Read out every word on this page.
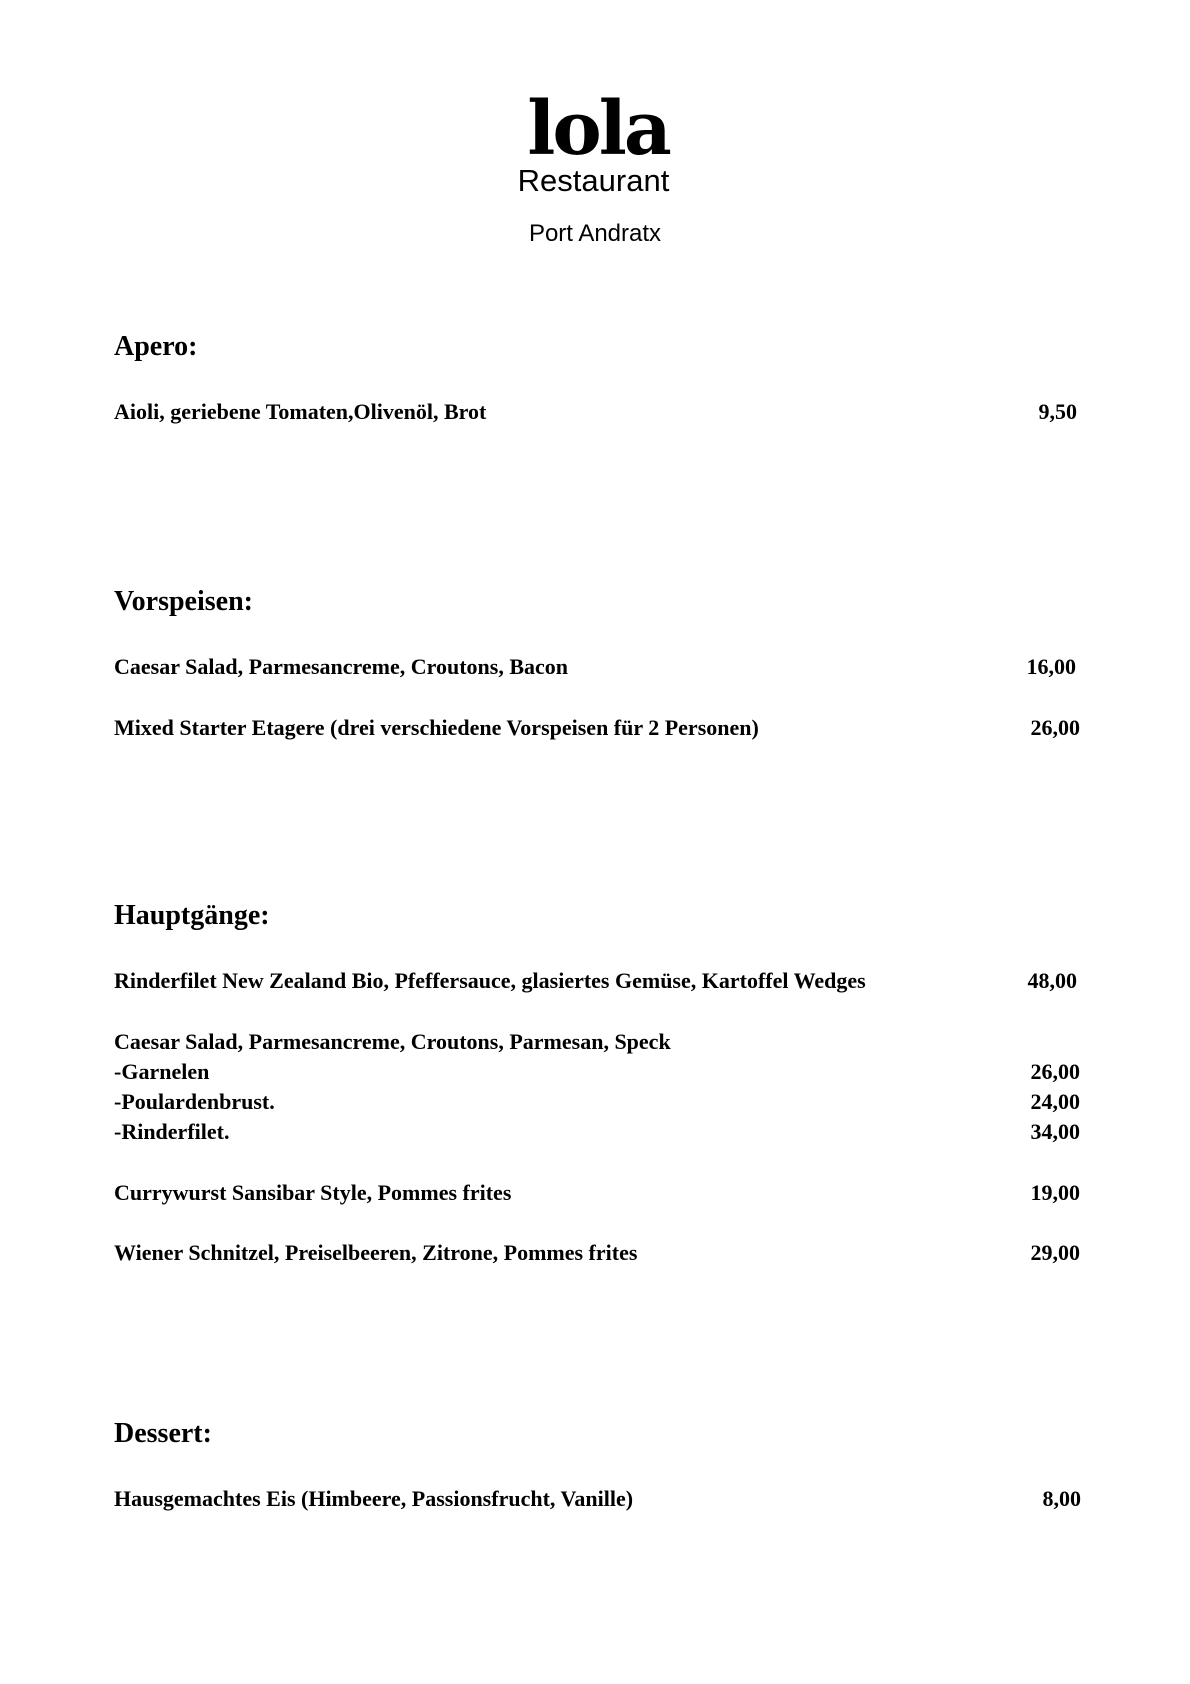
lola
Restaurant
Port Andratx
Apero:
Aioli, geriebene Tomaten,Olivenöl, Brot	9,50
Vorspeisen:
Caesar Salad, Parmesancreme, Croutons, Bacon	16,00
Mixed Starter Etagere (drei verschiedene Vorspeisen für 2 Personen)	26,00
Hauptgänge:
Rinderfilet New Zealand Bio, Pfeffersauce, glasiertes Gemüse, Kartoffel Wedges	48,00
Caesar Salad, Parmesancreme, Croutons, Parmesan, Speck
-Garnelen	26,00
-Poulardenbrust.	24,00
-Rinderfilet.	34,00
Currywurst Sansibar Style, Pommes frites	19,00
Wiener Schnitzel, Preiselbeeren, Zitrone, Pommes frites	29,00
Dessert:
Hausgemachtes Eis (Himbeere, Passionsfrucht, Vanille)	8,00
